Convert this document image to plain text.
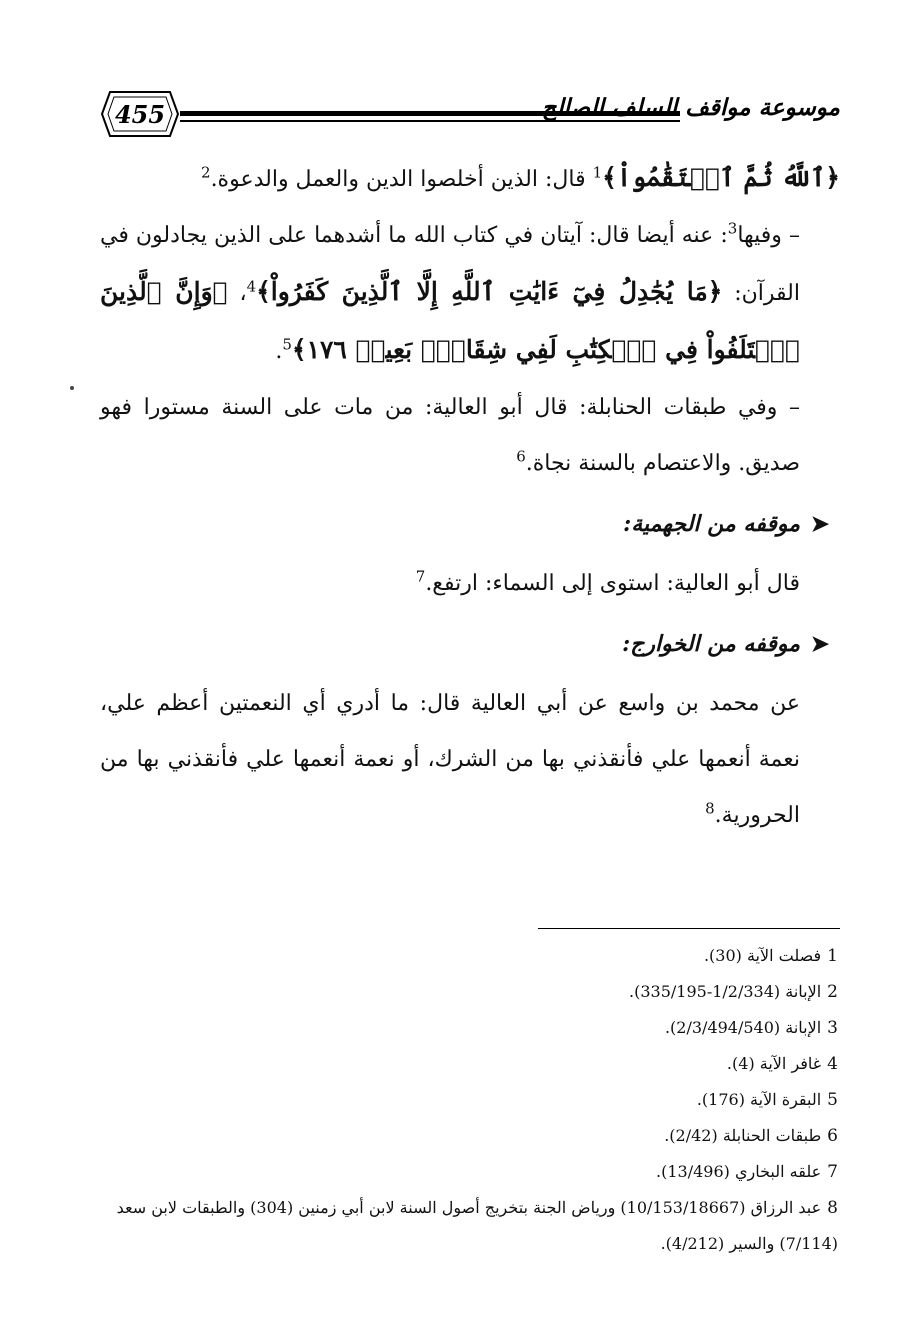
455	موسوعة مواقف السلف الصالح

﴿ٱللَّهُ ثُمَّ ٱسۡتَقَٰمُواْ﴾$^1$ قال: الذين أخلصوا الدين والعمل والدعوة.$^2$

– وفيها$^3$: عنه أيضا قال: آيتان في كتاب الله ما أشدهما على الذين يجادلون في القرآن: ﴿مَا يُجَٰدِلُ فِيٓ ءَايَٰتِ ٱللَّهِ إِلَّا ٱلَّذِينَ كَفَرُواْ﴾$^4$، ﴿وَإِنَّ ٱلَّذِينَ ٱخۡتَلَفُواْ فِي ٱلۡكِتَٰبِ لَفِي شِقَاقِۭ بَعِيدٖ ١٧٦﴾$^5$.

– وفي طبقات الحنابلة: قال أبو العالية: من مات على السنة مستورا فهو صديق. والاعتصام بالسنة نجاة.$^6$

➤موقفه من الجهمية:

قال أبو العالية: استوى إلى السماء: ارتفع.$^7$

➤موقفه من الخوارج:

عن محمد بن واسع عن أبي العالية قال: ما أدري أي النعمتين أعظم علي، نعمة أنعمها علي فأنقذني بها من الشرك، أو نعمة أنعمها علي فأنقذني بها من الحرورية.$^8$

1فصلت الآية (30).

2الإبانة (1/2/334-335/195).

3الإبانة (2/3/494/540).

4غافر الآية (4).

5البقرة الآية (176).

6طبقات الحنابلة (2/42).

7علقه البخاري (13/496).

8عبد الرزاق (10/153/18667) ورياض الجنة بتخريج أصول السنة لابن أبي زمنين (304) والطبقات لابن سعد (7/114) والسير (4/212).
